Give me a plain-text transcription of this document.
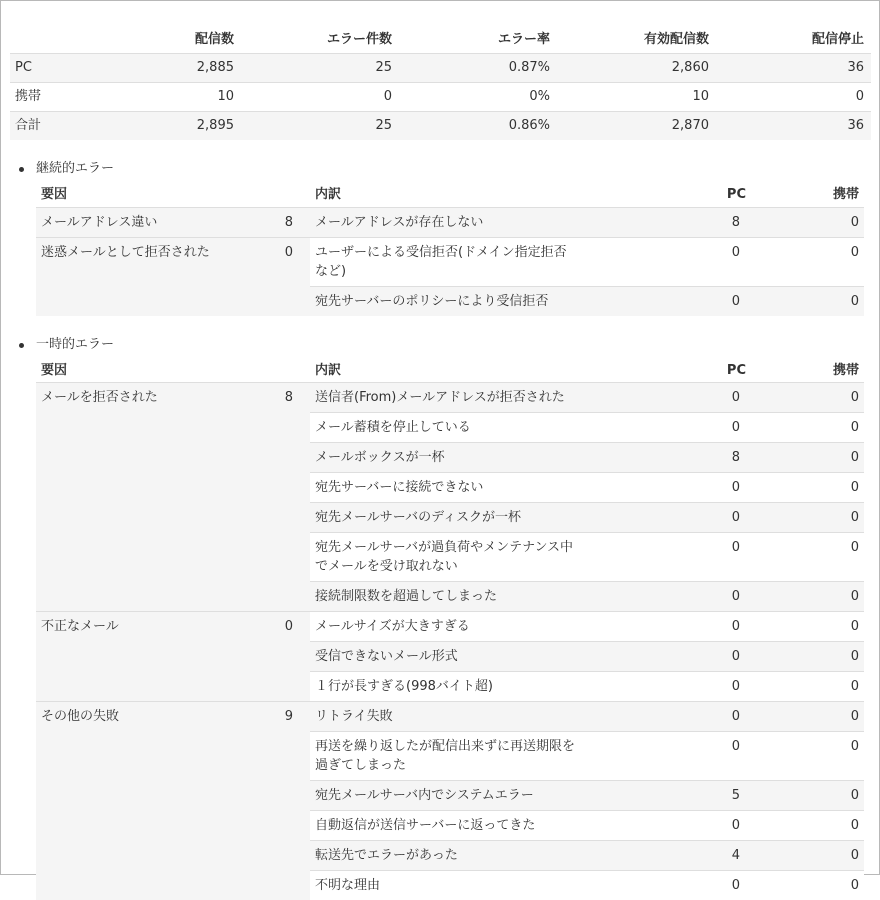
	配信数	エラー件数	エラー率	有効配信数	配信停止
PC	2,885	25	0.87%	2,860	36
携帯	10	0	0%	10	0
合計	2,895	25	0.86%	2,870	36
継続的エラー
要因	内訳	PC	携帯

メールアドレス違い 8	メールアドレスが存在しない	8	0

迷惑メールとして拒否された 0	ユーザーによる受信拒否(ドメイン指定拒否など)	0	0
	宛先サーバーのポリシーにより受信拒否	0	0
一時的エラー
要因	内訳	PC	携帯

メールを拒否された 8	送信者(From)メールアドレスが拒否された	0	0
	メール蓄積を停止している	0	0
	メールボックスが一杯	8	0
	宛先サーバーに接続できない	0	0
	宛先メールサーバのディスクが一杯	0	0
	宛先メールサーバが過負荷やメンテナンス中でメールを受け取れない	0	0
	接続制限数を超過してしまった	0	0

不正なメール 0	メールサイズが大きすぎる	0	0
	受信できないメール形式	0	0
	１行が長すぎる(998バイト超)	0	0

その他の失敗 9	リトライ失敗	0	0
	再送を繰り返したが配信出来ずに再送期限を過ぎてしまった	0	0
	宛先メールサーバ内でシステムエラー	5	0
	自動返信が送信サーバーに返ってきた	0	0
	転送先でエラーがあった	4	0
	不明な理由	0	0
